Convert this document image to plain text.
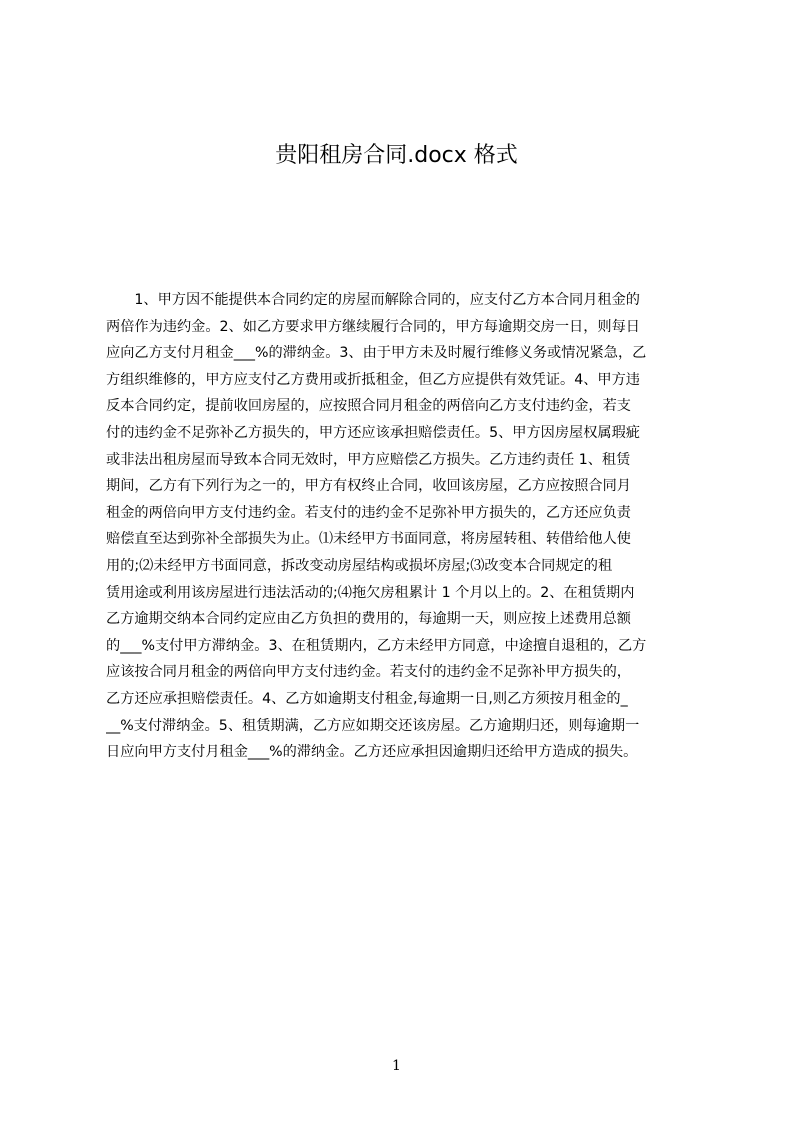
贵阳租房合同.docx 格式
　　1、甲方因不能提供本合同约定的房屋而解除合同的，应支付乙方本合同月租金的
两倍作为违约金。2、如乙方要求甲方继续履行合同的，甲方每逾期交房一日，则每日
应向乙方支付月租金___%的滞纳金。3、由于甲方未及时履行维修义务或情况紧急，乙
方组织维修的，甲方应支付乙方费用或折抵租金，但乙方应提供有效凭证。4、甲方违
反本合同约定，提前收回房屋的，应按照合同月租金的两倍向乙方支付违约金，若支
付的违约金不足弥补乙方损失的，甲方还应该承担赔偿责任。5、甲方因房屋权属瑕疵
或非法出租房屋而导致本合同无效时，甲方应赔偿乙方损失。乙方违约责任 1、租赁
期间，乙方有下列行为之一的，甲方有权终止合同，收回该房屋，乙方应按照合同月
租金的两倍向甲方支付违约金。若支付的违约金不足弥补甲方损失的，乙方还应负责
赔偿直至达到弥补全部损失为止。⑴未经甲方书面同意，将房屋转租、转借给他人使
用的;⑵未经甲方书面同意，拆改变动房屋结构或损坏房屋;⑶改变本合同规定的租
赁用途或利用该房屋进行违法活动的;⑷拖欠房租累计 1 个月以上的。2、在租赁期内
乙方逾期交纳本合同约定应由乙方负担的费用的，每逾期一天，则应按上述费用总额
的___%支付甲方滞纳金。3、在租赁期内，乙方未经甲方同意，中途擅自退租的，乙方
应该按合同月租金的两倍向甲方支付违约金。若支付的违约金不足弥补甲方损失的，
乙方还应承担赔偿责任。4、乙方如逾期支付租金,每逾期一日,则乙方须按月租金的_
__%支付滞纳金。5、租赁期满，乙方应如期交还该房屋。乙方逾期归还，则每逾期一
日应向甲方支付月租金___%的滞纳金。乙方还应承担因逾期归还给甲方造成的损失。
1
